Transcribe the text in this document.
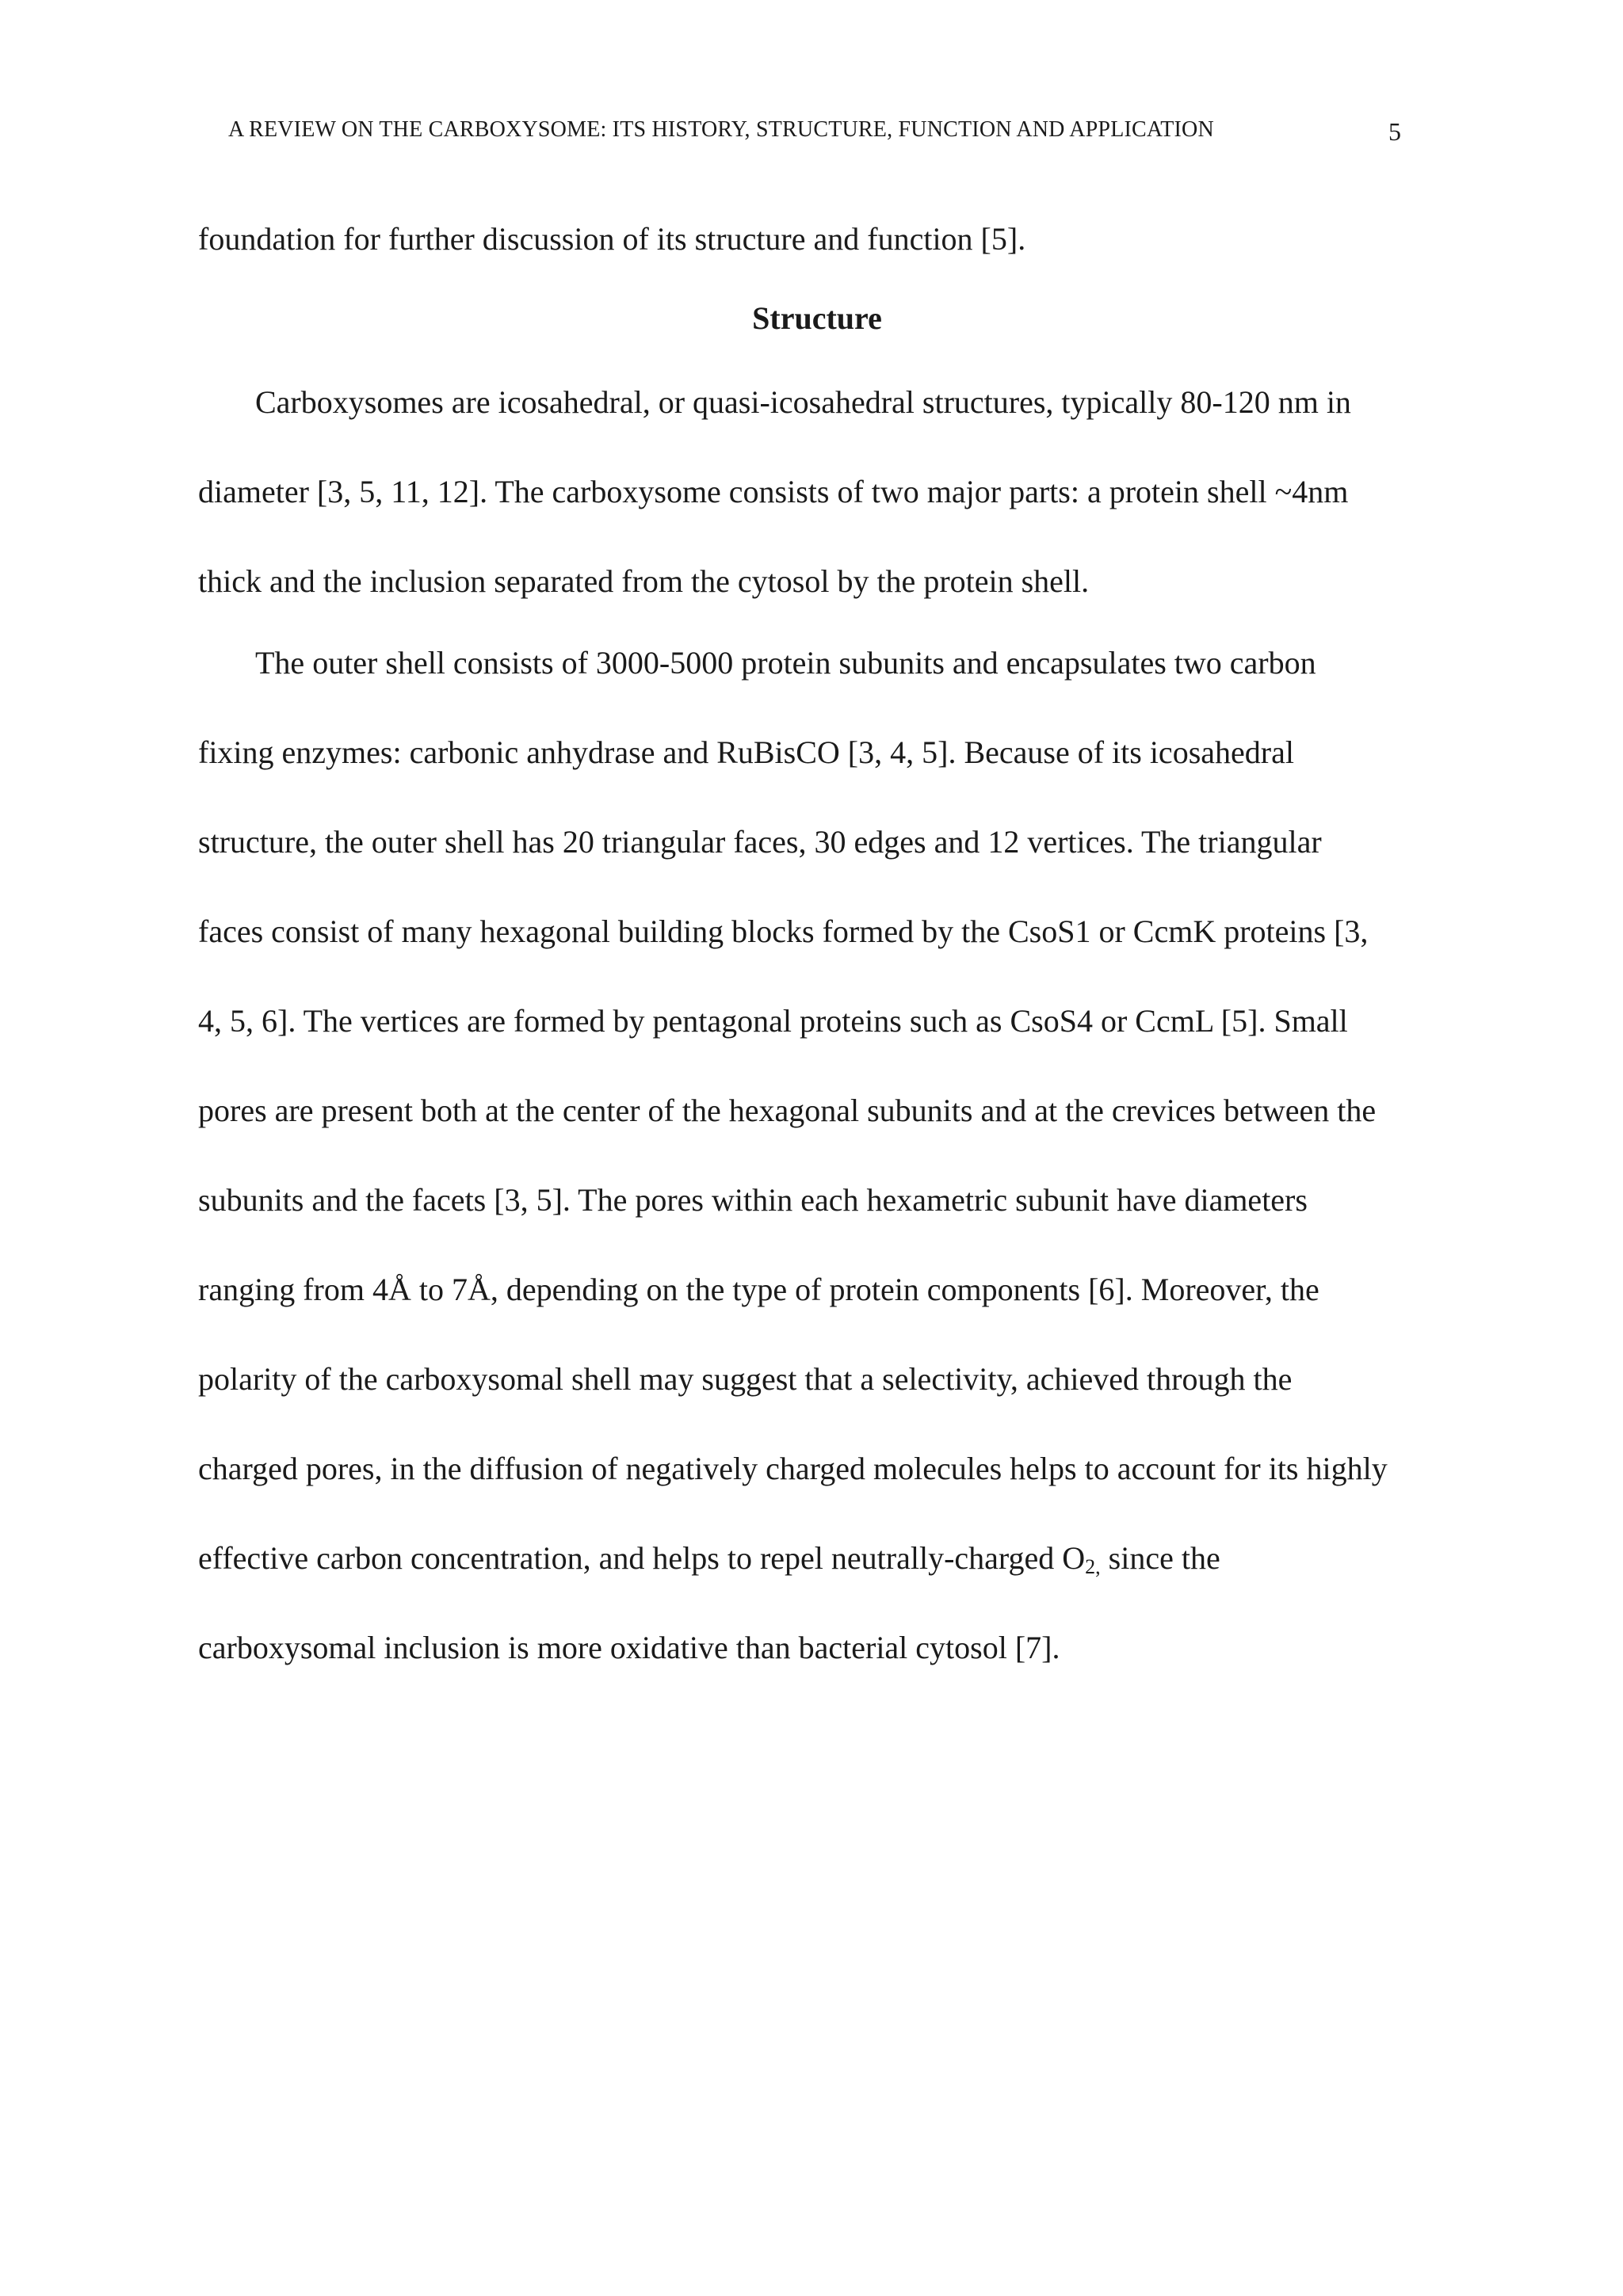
A REVIEW ON THE CARBOXYSOME: ITS HISTORY, STRUCTURE, FUNCTION AND APPLICATION	5
foundation for further discussion of its structure and function [5].
Structure
Carboxysomes are icosahedral, or quasi-icosahedral structures, typically 80-120 nm in
diameter [3, 5, 11, 12]. The carboxysome consists of two major parts: a protein shell ~4nm
thick and the inclusion separated from the cytosol by the protein shell.
The outer shell consists of 3000-5000 protein subunits and encapsulates two carbon
fixing enzymes: carbonic anhydrase and RuBisCO [3, 4, 5]. Because of its icosahedral
structure, the outer shell has 20 triangular faces, 30 edges and 12 vertices. The triangular
faces consist of many hexagonal building blocks formed by the CsoS1 or CcmK proteins [3,
4, 5, 6]. The vertices are formed by pentagonal proteins such as CsoS4 or CcmL [5]. Small
pores are present both at the center of the hexagonal subunits and at the crevices between the
subunits and the facets [3, 5]. The pores within each hexametric subunit have diameters
ranging from 4Å to 7Å, depending on the type of protein components [6]. Moreover, the
polarity of the carboxysomal shell may suggest that a selectivity, achieved through the
charged pores, in the diffusion of negatively charged molecules helps to account for its highly
effective carbon concentration, and helps to repel neutrally-charged $O_{2,}$ since the
carboxysomal inclusion is more oxidative than bacterial cytosol [7].
